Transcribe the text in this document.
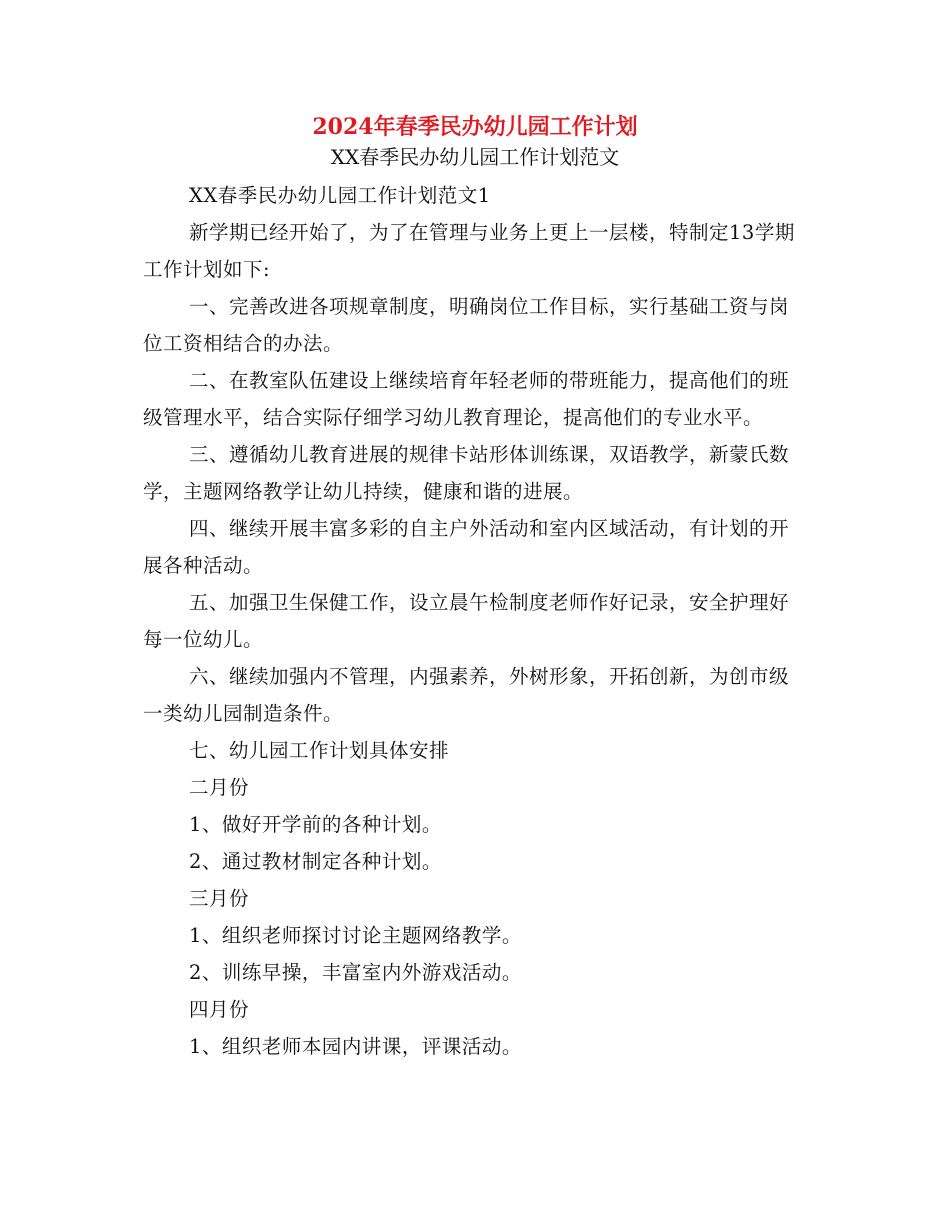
2024年春季民办幼儿园工作计划
XX春季民办幼儿园工作计划范文

XX春季民办幼儿园工作计划范文1

新学期已经开始了，为了在管理与业务上更上一层楼，特制定13学期工作计划如下:

一、完善改进各项规章制度，明确岗位工作目标，实行基础工资与岗位工资相结合的办法。

二、在教室队伍建设上继续培育年轻老师的带班能力，提高他们的班级管理水平，结合实际仔细学习幼儿教育理论，提高他们的专业水平。

三、遵循幼儿教育进展的规律卡站形体训练课，双语教学，新蒙氏数学，主题网络教学让幼儿持续，健康和谐的进展。

四、继续开展丰富多彩的自主户外活动和室内区域活动，有计划的开展各种活动。

五、加强卫生保健工作，设立晨午检制度老师作好记录，安全护理好每一位幼儿。

六、继续加强内不管理，内强素养，外树形象，开拓创新，为创市级一类幼儿园制造条件。

七、幼儿园工作计划具体安排

二月份

1、做好开学前的各种计划。

2、通过教材制定各种计划。

三月份

1、组织老师探讨讨论主题网络教学。

2、训练早操，丰富室内外游戏活动。

四月份

1、组织老师本园内讲课，评课活动。
